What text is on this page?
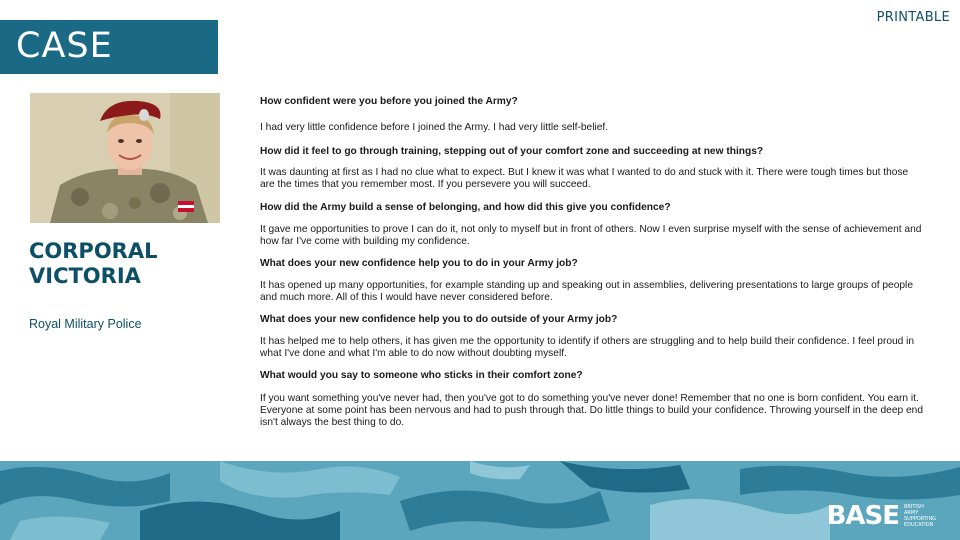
PRINTABLE
CASE
CORPORAL
VICTORIA
Royal Military Police

How confident were you before you joined the Army?

I had very little confidence before I joined the Army. I had very little self-belief.

How did it feel to go through training, stepping out of your comfort zone and succeeding at new things?

It was daunting at first as I had no clue what to expect. But I knew it was what I wanted to do and stuck with it. There were tough times but those are the times that you remember most. If you persevere you will succeed.

How did the Army build a sense of belonging, and how did this give you confidence?

It gave me opportunities to prove I can do it, not only to myself but in front of others. Now I even surprise myself with the sense of achievement and how far I've come with building my confidence.

What does your new confidence help you to do in your Army job?

It has opened up many opportunities, for example standing up and speaking out in assemblies, delivering presentations to large groups of people and much more. All of this I would have never considered before.

What does your new confidence help you to do outside of your Army job?

It has helped me to help others, it has given me the opportunity to identify if others are struggling and to help build their confidence. I feel proud in what I've done and what I'm able to do now without doubting myself.

What would you say to someone who sticks in their comfort zone?

If you want something you've never had, then you've got to do something you've never done! Remember that no one is born confident. You earn it. Everyone at some point has been nervous and had to push through that. Do little things to build your confidence. Throwing yourself in the deep end isn't always the best thing to do.

BASE BRITISH
ARMY
SUPPORTING
EDUCATION
